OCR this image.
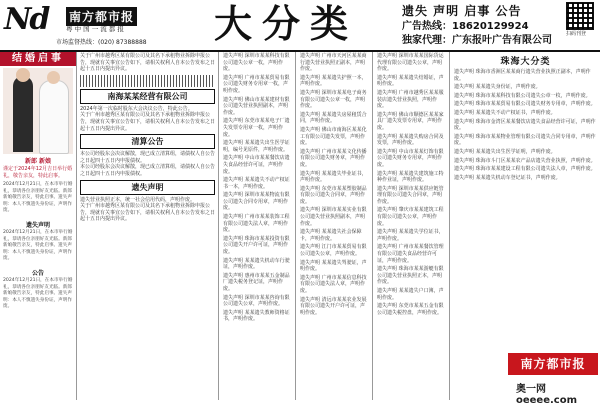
Nd 南方都市报
粤 中 国 一 流 都 报
市场监督热线：(020) 87388888 大分类	遗失 声明 启事 公告
广告热线：18620129924
独家代理：广东报叶广告有限公司
扫码刊登
结婚启事
新郎 新娘
谨定于2024年12月吉日举行婚礼，敬告亲友，特此启事。
2024年12月21日，在本市举行婚礼，恭请各位亲朋好友光临。新郎新娘敬告亲友，特此启事。遗失声明：本人不慎遗失身份证，声明作废。
遗失声明
2024年12月21日，在本市举行婚礼，恭请各位亲朋好友光临。新郎新娘敬告亲友，特此启事。遗失声明：本人不慎遗失身份证，声明作废。
公告
2024年12月21日，在本市举行婚礼，恭请各位亲朋好友光临。新郎新娘敬告亲友，特此启事。遗失声明：本人不慎遗失身份证，声明作废。
关于广州市越秀区某有限公司及其名下承租物业拆除申报公告，现就有关事宜公告如下，请相关权利人自本公告发布之日起十五日内提出异议。
南海某某经营有限公司
2024年第一次临时股东大会决议公告，特此公告。
关于广州市越秀区某有限公司及其名下承租物业拆除申报公告，现就有关事宜公告如下，请相关权利人自本公告发布之日起十五日内提出异议。
清算公告
本公司经股东会决议解散，现已成立清算组，请债权人自公告之日起四十五日内申报债权。
本公司经股东会决议解散，现已成立清算组，请债权人自公告之日起四十五日内申报债权。
遗失声明
遗失营业执照正本，统一社会信用代码，声明作废。
关于广州市越秀区某有限公司及其名下承租物业拆除申报公告，现就有关事宜公告如下，请相关权利人自本公告发布之日起十五日内提出异议。

遗失声明 深圳市某某科技有限公司遗失公章一枚，声明作废。

遗失声明 广州市某某贸易有限公司遗失财务专用章一枚，声明作废。

遗失声明 佛山市某某建材有限公司遗失营业执照副本，声明作废。

遗失声明 东莞市某某电子厂遗失发票专用章一枚，声明作废。

遗失声明 某某遗失出生医学证明，编号见原件，声明作废。

遗失声明 中山市某某餐饮店遗失食品经营许可证，声明作废。

遗失声明 某某遗失不动产权证书一本，声明作废。

遗失声明 深圳市某某物流有限公司遗失合同专用章，声明作废。

遗失声明 广州市某某装饰工程有限公司遗失法人章，声明作废。

遗失声明 珠海市某某投资有限公司遗失开户许可证，声明作废。

遗失声明 某某遗失机动车行驶证，声明作废。

遗失声明 惠州市某某五金制品厂遗失税务登记证，声明作废。

遗失声明 深圳市某某咨询有限公司遗失公章，声明作废。

遗失声明 某某遗失教师资格证书，声明作废。

遗失声明 广州市天河区某某商行遗失营业执照正副本，声明作废。

遗失声明 某某遗失护照一本，声明作废。

遗失声明 深圳市某某电子商务有限公司遗失公章一枚，声明作废。

遗失声明 某某遗失房屋租赁合同，声明作废。

遗失声明 佛山市南海区某某化工有限公司遗失发票，声明作废。

遗失声明 广州市某某文化传播有限公司遗失财务章，声明作废。

遗失声明 某某遗失毕业证书，声明作废。

遗失声明 东莞市某某塑胶制品有限公司遗失合同章，声明作废。

遗失声明 深圳市某某实业有限公司遗失营业执照副本，声明作废。

遗失声明 某某遗失社会保障卡，声明作废。

遗失声明 江门市某某贸易有限公司遗失公章，声明作废。

遗失声明 某某遗失驾驶证，声明作废。

遗失声明 广州市某某信息科技有限公司遗失法人章，声明作废。

遗失声明 清远市某某农业发展有限公司遗失开户许可证，声明作废。

遗失声明 深圳市某某国际货运代理有限公司遗失公章，声明作废。

遗失声明 某某遗失结婚证，声明作废。

遗失声明 广州市越秀区某某服装店遗失营业执照，声明作废。

遗失声明 佛山市顺德区某某家具厂遗失发票专用章，声明作废。

遗失声明 某某遗失购房合同及发票，声明作废。

遗失声明 中山市某某灯饰有限公司遗失财务专用章，声明作废。

遗失声明 某某遗失建筑施工特种作业证，声明作废。

遗失声明 深圳市某某供应链管理有限公司遗失合同章，声明作废。

遗失声明 肇庆市某某建筑工程有限公司遗失公章，声明作废。

遗失声明 某某遗失学位证书，声明作废。

遗失声明 广州市某某餐饮管理有限公司遗失食品经营许可证，声明作废。

遗失声明 珠海市某某游艇有限公司遗失营业执照正本，声明作废。

遗失声明 某某遗失户口簿，声明作废。

遗失声明 东莞市某某五金有限公司遗失税控盘，声明作废。

珠海大分类

遗失声明 珠海市香洲区某某商行遗失营业执照正副本，声明作废。

遗失声明 某某遗失身份证，声明作废。

遗失声明 珠海市某某科技有限公司遗失公章一枚，声明作废。

遗失声明 珠海市某某贸易有限公司遗失财务专用章，声明作废。

遗失声明 某某遗失不动产权证书，声明作废。

遗失声明 珠海市金湾区某某餐饮店遗失食品经营许可证，声明作废。

遗失声明 珠海市某某物业管理有限公司遗失合同专用章，声明作废。

遗失声明 某某遗失出生医学证明，声明作废。

遗失声明 珠海市斗门区某某农产品店遗失营业执照，声明作废。

遗失声明 珠海市某某建设工程有限公司遗失法人章，声明作废。

遗失声明 某某遗失机动车登记证书，声明作废。

南方都市报
奥一网 oeeee.com
